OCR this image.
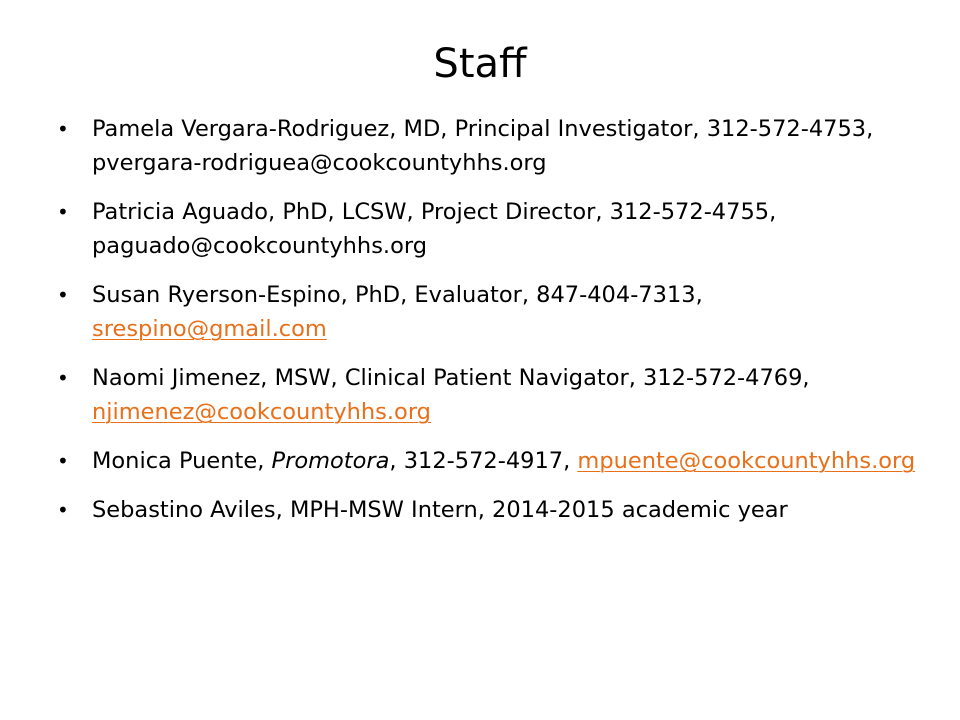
Staff
• Pamela Vergara-Rodriguez, MD, Principal Investigator, 312-572-4753, pvergara-rodriguea@cookcountyhhs.org
• Patricia Aguado, PhD, LCSW, Project Director, 312-572-4755, paguado@cookcountyhhs.org
• Susan Ryerson-Espino, PhD, Evaluator, 847-404-7313, srespino@gmail.com
• Naomi Jimenez, MSW, Clinical Patient Navigator, 312-572-4769, njimenez@cookcountyhhs.org
• Monica Puente, Promotora, 312-572-4917, mpuente@cookcountyhhs.org
• Sebastino Aviles, MPH-MSW Intern, 2014-2015 academic year
